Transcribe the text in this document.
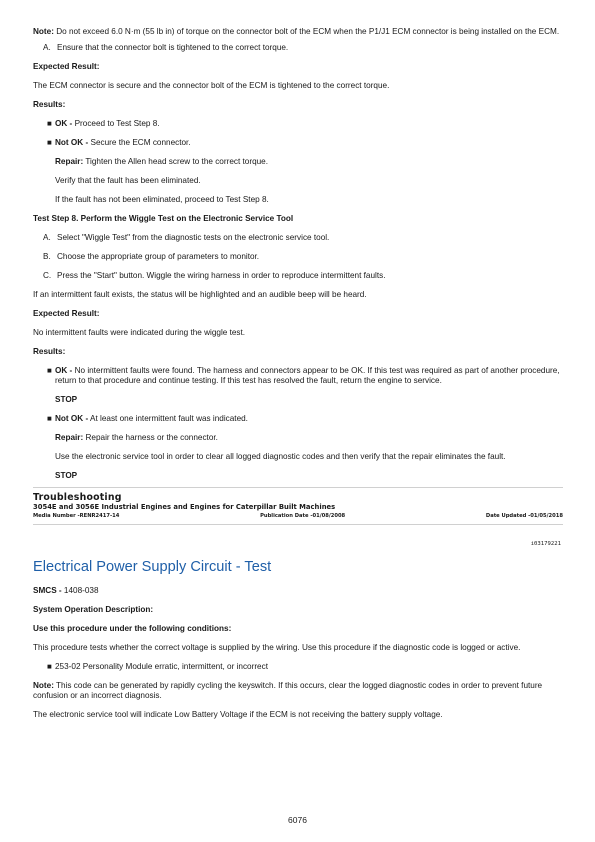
Note: Do not exceed 6.0 N·m (55 lb in) of torque on the connector bolt of the ECM when the P1/J1 ECM connector is being installed on the ECM.

A. Ensure that the connector bolt is tightened to the correct torque.

Expected Result:

The ECM connector is secure and the connector bolt of the ECM is tightened to the correct torque.

Results:

■ OK - Proceed to Test Step 8.

■ Not OK - Secure the ECM connector.

Repair: Tighten the Allen head screw to the correct torque.

Verify that the fault has been eliminated.

If the fault has not been eliminated, proceed to Test Step 8.

Test Step 8. Perform the Wiggle Test on the Electronic Service Tool

A. Select "Wiggle Test" from the diagnostic tests on the electronic service tool.

B. Choose the appropriate group of parameters to monitor.

C. Press the "Start" button. Wiggle the wiring harness in order to reproduce intermittent faults.

If an intermittent fault exists, the status will be highlighted and an audible beep will be heard.

Expected Result:

No intermittent faults were indicated during the wiggle test.

Results:

■ OK - No intermittent faults were found. The harness and connectors appear to be OK. If this test was required as part of another procedure, return to that procedure and continue testing. If this test has resolved the fault, return the engine to service.

STOP

■ Not OK - At least one intermittent fault was indicated.

Repair: Repair the harness or the connector.

Use the electronic service tool in order to clear all logged diagnostic codes and then verify that the repair eliminates the fault.

STOP

Troubleshooting

3054E and 3056E Industrial Engines and Engines for Caterpillar Built Machines

Media Number -RENR2417-14	Publication Date -01/08/2008	Date Updated -01/05/2018

i03179221

Electrical Power Supply Circuit - Test

SMCS - 1408-038

System Operation Description:

Use this procedure under the following conditions:

This procedure tests whether the correct voltage is supplied by the wiring. Use this procedure if the diagnostic code is logged or active.

■ 253-02 Personality Module erratic, intermittent, or incorrect

Note: This code can be generated by rapidly cycling the keyswitch. If this occurs, clear the logged diagnostic codes in order to prevent future confusion or an incorrect diagnosis.

The electronic service tool will indicate Low Battery Voltage if the ECM is not receiving the battery supply voltage.

6076
